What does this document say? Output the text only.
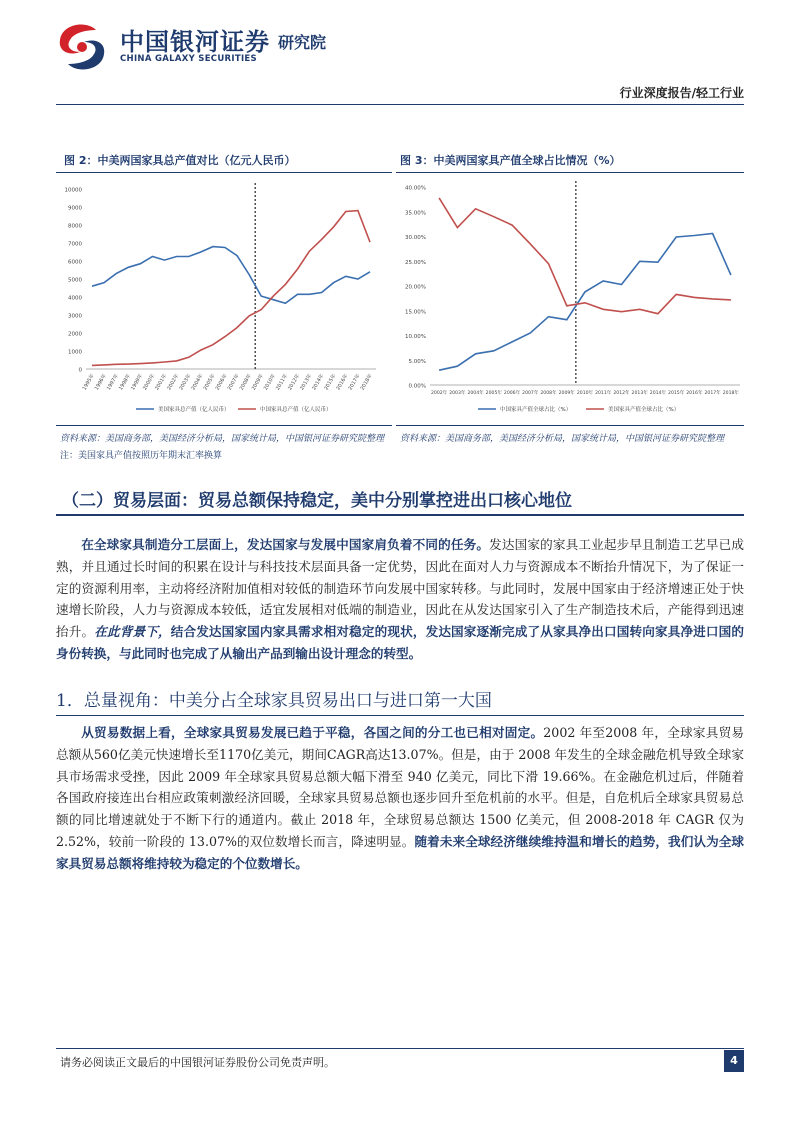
中国银河证券 研究院
CHINA GALAXY SECURITIES
行业深度报告/轻工行业
图 2：中美两国家具总产值对比（亿元人民币）
0
1000
2000
3000
4000
5000
6000
7000
8000
9000
10000
1995年
1996年
1997年
1998年
1999年
2000年
2001年
2002年
2003年
2004年
2005年
2006年
2007年
2008年
2009年
2010年
2011年
2012年
2013年
2014年
2015年
2016年
2017年
2018年
美国家具总产值（亿人民币）	中国家具总产值（亿人民币）
资料来源：美国商务部，美国经济分析局，国家统计局，中国银河证券研究院整理
注：美国家具产值按照历年期末汇率换算
图 3：中美两国家具产值全球占比情况（%）
0.00%
5.00%
10.00%
15.00%
20.00%
25.00%
30.00%
35.00%
40.00%
2002年 2003年 2004年 2005年 2006年 2007年 2008年 2009年 2010年 2011年 2012年 2013年 2014年 2015年 2016年 2017年 2018年
中国家具产值全球占比（%）	美国家具产值全球占比（%）
资料来源：美国商务部，美国经济分析局，国家统计局，中国银河证券研究院整理
（二）贸易层面：贸易总额保持稳定，美中分别掌控进出口核心地位
在全球家具制造分工层面上，发达国家与发展中国家肩负着不同的任务。发达国家的家具工业起步早且制造工艺早已成熟，并且通过长时间的积累在设计与科技技术层面具备一定优势，因此在面对人力与资源成本不断抬升情况下，为了保证一定的资源利用率，主动将经济附加值相对较低的制造环节向发展中国家转移。与此同时，发展中国家由于经济增速正处于快速增长阶段，人力与资源成本较低，适宜发展相对低端的制造业，因此在从发达国家引入了生产制造技术后，产能得到迅速抬升。在此背景下，结合发达国家国内家具需求相对稳定的现状，发达国家逐渐完成了从家具净出口国转向家具净进口国的身份转换，与此同时也完成了从输出产品到输出设计理念的转型。
1．总量视角：中美分占全球家具贸易出口与进口第一大国
从贸易数据上看，全球家具贸易发展已趋于平稳，各国之间的分工也已相对固定。2002 年至2008 年，全球家具贸易总额从560亿美元快速增长至1170亿美元，期间CAGR高达13.07%。但是，由于 2008 年发生的全球金融危机导致全球家具市场需求受挫，因此 2009 年全球家具贸易总额大幅下滑至 940 亿美元，同比下滑 19.66%。在金融危机过后，伴随着各国政府接连出台相应政策刺激经济回暖，全球家具贸易总额也逐步回升至危机前的水平。但是，自危机后全球家具贸易总额的同比增速就处于不断下行的通道内。截止 2018 年，全球贸易总额达 1500 亿美元，但 2008-2018 年 CAGR 仅为 2.52%，较前一阶段的 13.07%的双位数增长而言，降速明显。随着未来全球经济继续维持温和增长的趋势，我们认为全球家具贸易总额将维持较为稳定的个位数增长。
请务必阅读正文最后的中国银河证券股份公司免责声明。	4
